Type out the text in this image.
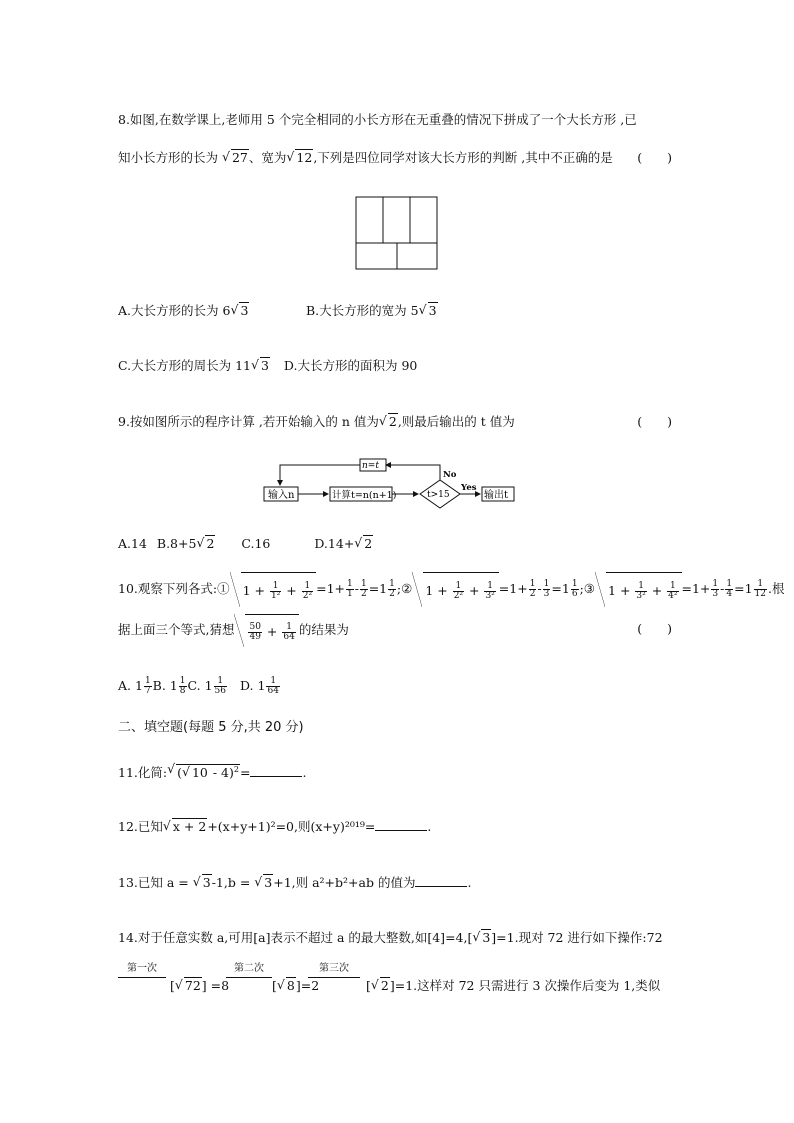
8.如图,在数学课上,老师用 5 个完全相同的小长方形在无重叠的情况下拼成了一个大长方形 ,已
知小长方形的长为 √ 27、宽为 √ 12,下列是四位同学对该大长方形的判断 ,其中不正确的是 (　　)
A.大长方形的长为 6 √ 3	B.大长方形的宽为 5 √ 3
C.大长方形的周长为 11 √ 3 D.大长方形的面积为 90
9.按如图所示的程序计算 ,若开始输入的 n 值为 √ 2,则最后输出的 t 值为	(　　)
输入n	计算t=n(n+1)	t>15
Yes
输出t
No
n=t
A.14 B.8+5 √ 2 C.16	D.14+ √ 2
10.观察下列各式:① $1 + \frac{1}{\text{1²}} + \frac{1}{\text{2²}} =1+ \frac{1}{1} - \frac{1}{2} =1 \frac{1}{2}$ ;② $1 + \frac{1}{\text{2²}} + \frac{1}{\text{3²}} =1+ \frac{1}{2} - \frac{1}{3} =1 \frac{1}{6}$ ;③ $1 + \frac{1}{\text{3²}} + \frac{1}{\text{4²}} =1+ \frac{1}{3} - \frac{1}{4} =1 \frac{1}{12}$ .根
据上面三个等式,猜想 $\frac{50}{49} + \frac{1}{64}$ 的结果为	(　　)
A. $1 \frac{1}{7} B$. $1 \frac{1}{8} C$. $1 \frac{1}{56} D$. $1 \frac{1}{64}$
二、填空题(每题 5 分,共 20 分)
11.化简: √ ( √ 10 - 4)$^2$=	.
12.已知 √ x + 2+(x+y+1)²=0,则(x+y)²⁰¹⁹=	.
13.已知 a = √ 3-1,b = √ 3+1,则 a²+b²+ab 的值为	.
14.对于任意实数 a,可用[a]表示不超过 a 的最大整数,如[4]=4,[ √ 3]=1.现对 72 进行如下操作:72
第一次
[ √ 72] =8
第二次
[ √ 8]=2
第三次
[ √ 2]=1.这样对 72 只需进行 3 次操作后变为 1,类似
